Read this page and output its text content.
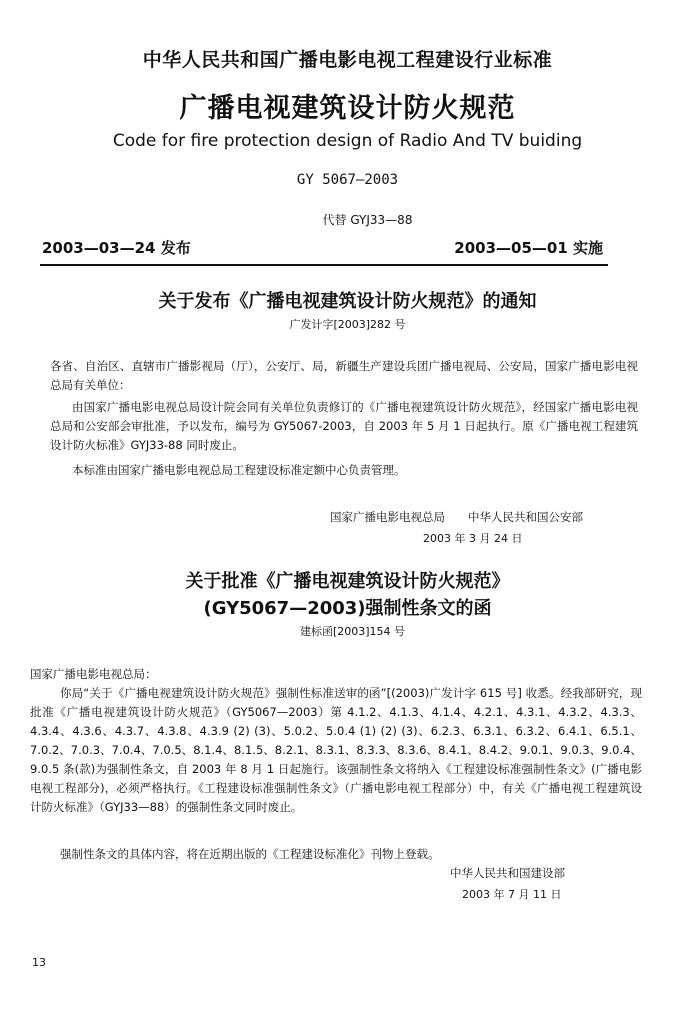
中华人民共和国广播电影电视工程建设行业标准
广播电视建筑设计防火规范
Code for fire protection design of Radio And TV buiding
GY 5067—2003
代替 GYJ33—88
2003—03—24 发布	2003—05—01 实施
关于发布《广播电视建筑设计防火规范》的通知
广发计字[2003]282 号
各省、自治区、直辖市广播影视局（厅），公安厅、局，新疆生产建设兵团广播电视局、公安局，国家广播电影电视总局有关单位：
由国家广播电影电视总局设计院会同有关单位负责修订的《广播电视建筑设计防火规范》，经国家广播电影电视总局和公安部会审批准，予以发布，编号为 GY5067-2003，自 2003 年 5 月 1 日起执行。原《广播电视工程建筑设计防火标准》GYJ33-88 同时废止。
本标准由国家广播电影电视总局工程建设标准定额中心负责管理。
国家广播电影电视总局　　中华人民共和国公安部
2003 年 3 月 24 日
关于批准《广播电视建筑设计防火规范》
(GY5067—2003)强制性条文的函
建标函[2003]154 号
国家广播电影电视总局：
你局“关于《广播电视建筑设计防火规范》强制性标准送审的函”[(2003)广发计字 615 号] 收悉。经我部研究，现批准《广播电视建筑设计防火规范》（GY5067—2003）第 4.1.2、4.1.3、4.1.4、4.2.1、4.3.1、4.3.2、4.3.3、4.3.4、4.3.6、4.3.7、4.3.8、4.3.9 (2) (3)、5.0.2、5.0.4 (1) (2) (3)、6.2.3、6.3.1、6.3.2、6.4.1、6.5.1、7.0.2、7.0.3、7.0.4、7.0.5、8.1.4、8.1.5、8.2.1、8.3.1、8.3.3、8.3.6、8.4.1、8.4.2、9.0.1、9.0.3、9.0.4、9.0.5 条(款)为强制性条文，自 2003 年 8 月 1 日起施行。该强制性条文将纳入《工程建设标准强制性条文》(广播电影电视工程部分)，必须严格执行。《工程建设标准强制性条文》（广播电影电视工程部分）中，有关《广播电视工程建筑设计防火标准》（GYJ33—88）的强制性条文同时废止。
强制性条文的具体内容，将在近期出版的《工程建设标准化》刊物上登载。
中华人民共和国建设部
2003 年 7 月 11 日
13
